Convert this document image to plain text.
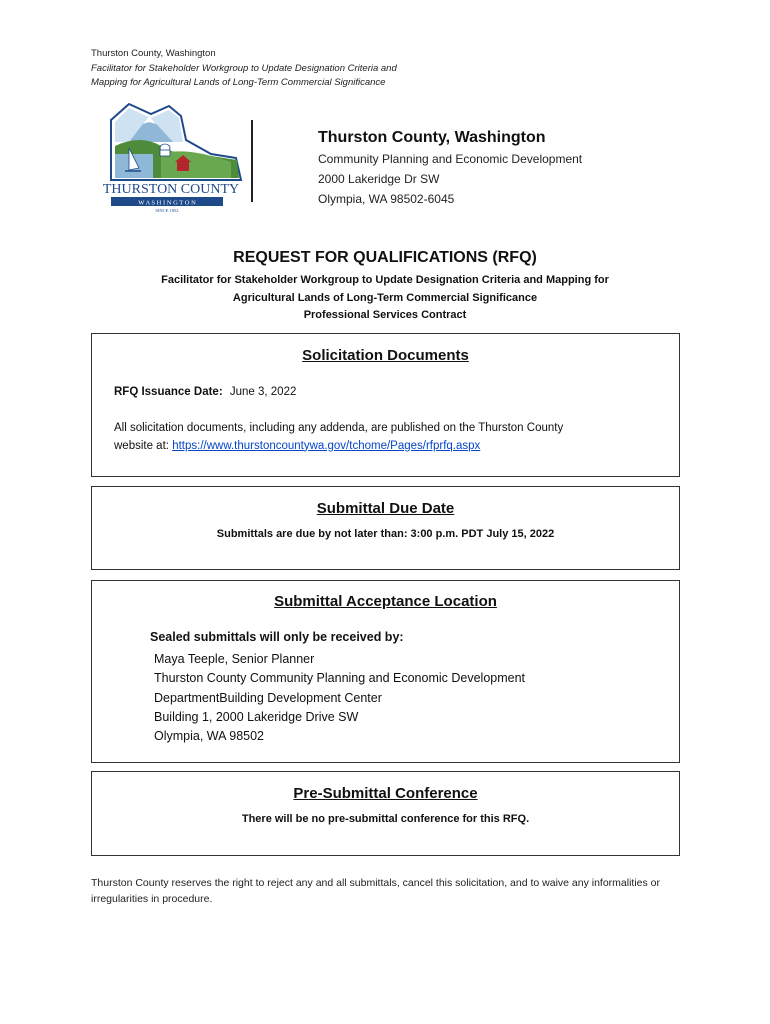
Thurston County, Washington
Facilitator for Stakeholder Workgroup to Update Designation Criteria and
Mapping for Agricultural Lands of Long-Term Commercial Significance
THURSTON COUNTY
W A S H I N G T O N
SINCE 1852
Thurston County, Washington
Community Planning and Economic Development
2000 Lakeridge Dr SW
Olympia, WA 98502-6045
REQUEST FOR QUALIFICATIONS (RFQ)
Facilitator for Stakeholder Workgroup to Update Designation Criteria and Mapping for
Agricultural Lands of Long-Term Commercial Significance
Professional Services Contract
Solicitation Documents
RFQ Issuance Date: June 3, 2022
All solicitation documents, including any addenda, are published on the Thurston County
website at: https://www.thurstoncountywa.gov/tchome/Pages/rfprfq.aspx
Submittal Due Date
Submittals are due by not later than: 3:00 p.m. PDT July 15, 2022
Submittal Acceptance Location
Sealed submittals will only be received by:
Maya Teeple, Senior Planner
Thurston County Community Planning and Economic Development
DepartmentBuilding Development Center
Building 1, 2000 Lakeridge Drive SW
Olympia, WA 98502
Pre-Submittal Conference
There will be no pre-submittal conference for this RFQ.
Thurston County reserves the right to reject any and all submittals, cancel this solicitation, and to waive any informalities or irregularities in procedure.
